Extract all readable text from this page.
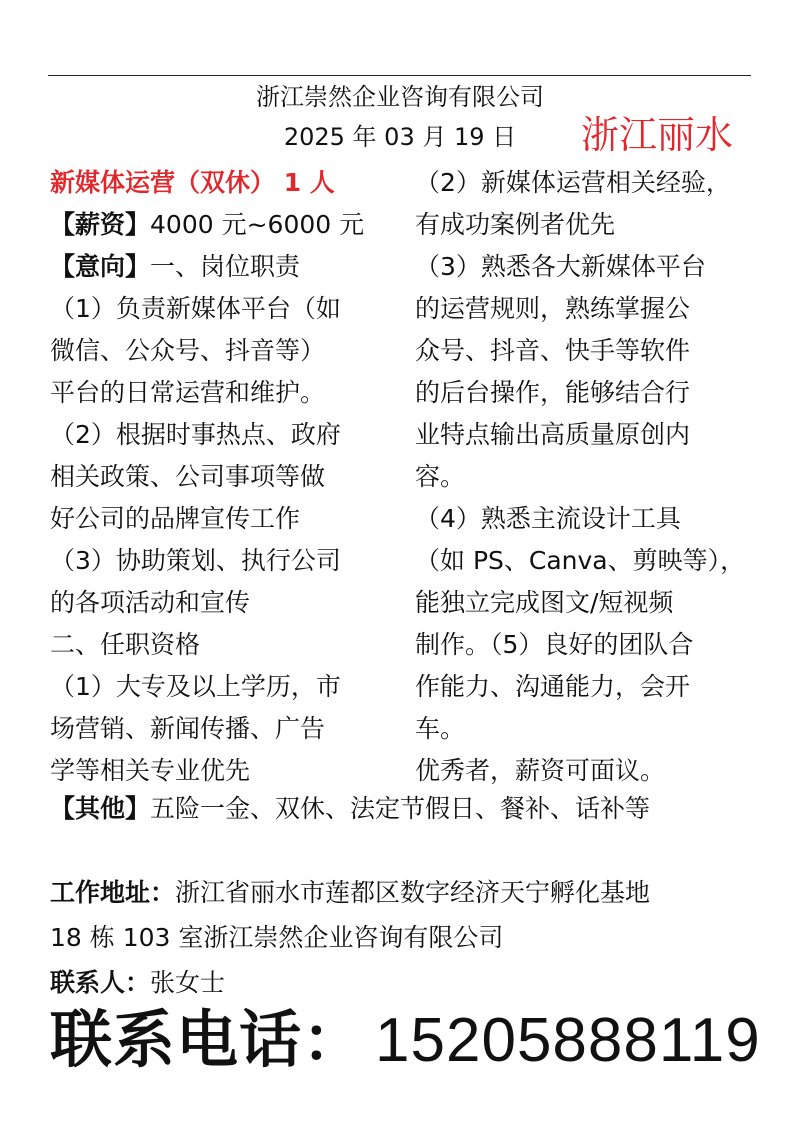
浙江崇然企业咨询有限公司
2025 年 03 月 19 日	浙江丽水
新媒体运营（双休） 1 人
【薪资】4000 元~6000 元
【意向】一、岗位职责
（1）负责新媒体平台（如
微信、公众号、抖音等）
平台的日常运营和维护。
（2）根据时事热点、政府
相关政策、公司事项等做
好公司的品牌宣传工作
（3）协助策划、执行公司
的各项活动和宣传
二、任职资格
（1）大专及以上学历，市
场营销、新闻传播、广告
学等相关专业优先
（2）新媒体运营相关经验，
有成功案例者优先
（3）熟悉各大新媒体平台
的运营规则，熟练掌握公
众号、抖音、快手等软件
的后台操作，能够结合行
业特点输出高质量原创内
容。
（4）熟悉主流设计工具
（如 PS、Canva、剪映等），
能独立完成图文/短视频
制作。（5）良好的团队合
作能力、沟通能力，会开
车。
优秀者，薪资可面议。
【其他】五险一金、双休、法定节假日、餐补、话补等
工作地址：浙江省丽水市莲都区数字经济天宁孵化基地
18 栋 103 室浙江崇然企业咨询有限公司
联系人：张女士
联系电话： 15205888119
